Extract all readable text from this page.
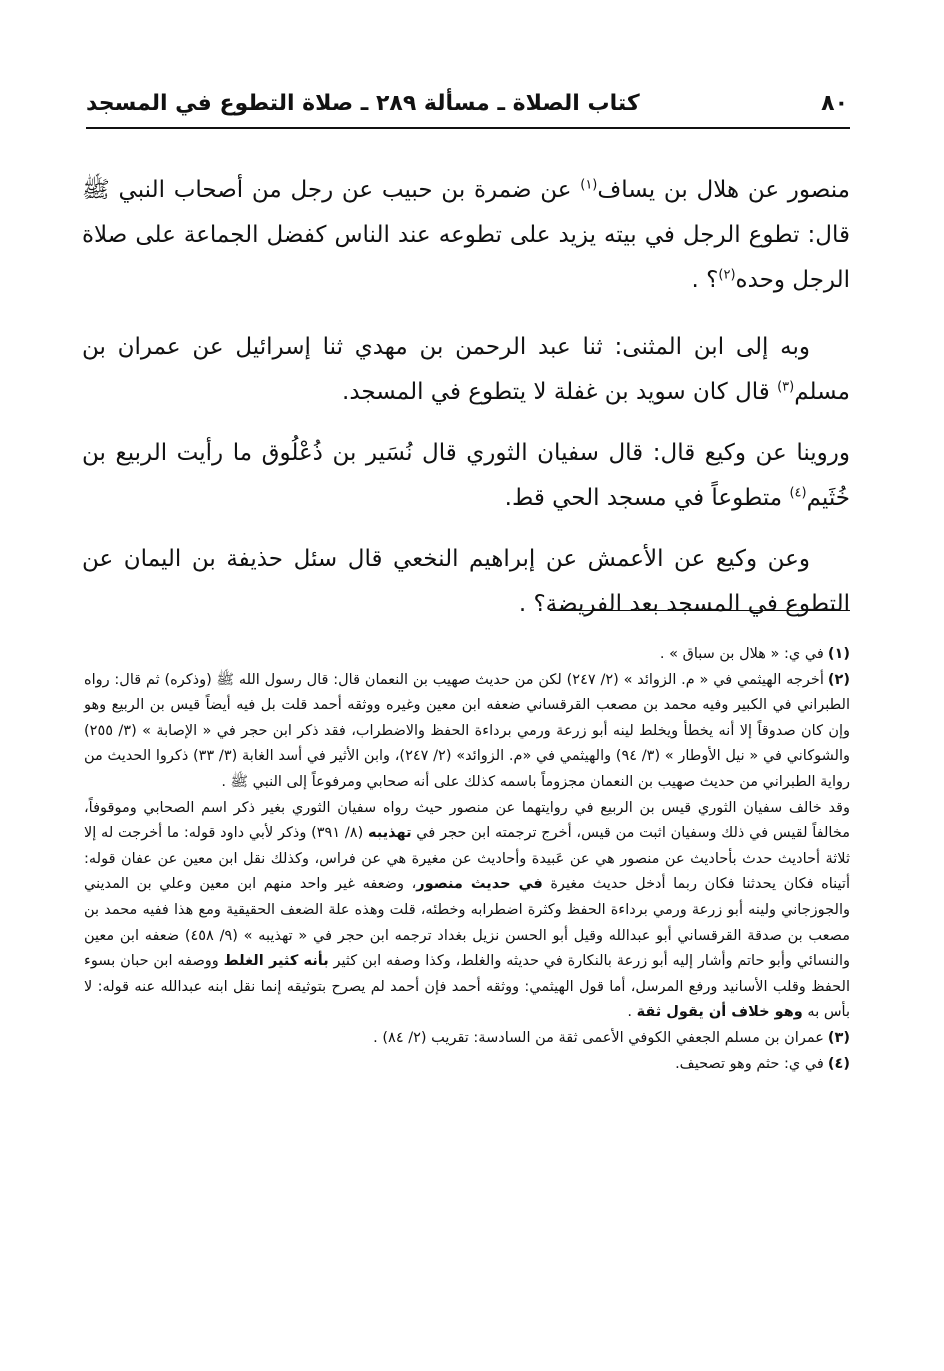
٨٠
كتاب الصلاة ـ مسألة ٢٨٩ ـ صلاة التطوع في المسجد

منصور عن هلال بن يساف$^{(١)}$ عن ضمرة بن حبيب عن رجل من أصحاب النبي ﷺ قال: تطوع الرجل في بيته يزيد على تطوعه عند الناس كفضل الجماعة على صلاة الرجل وحده$^{(٢)}$؟ .

وبه إلى ابن المثنى: ثنا عبد الرحمن بن مهدي ثنا إسرائيل عن عمران بن مسلم$^{(٣)}$ قال كان سويد بن غفلة لا يتطوع في المسجد.

وروينا عن وكيع قال: قال سفيان الثوري قال نُسَير بن ذُعْلُوق ما رأيت الربيع بن خُثَيم$^{(٤)}$ متطوعاً في مسجد الحي قط.

وعن وكيع عن الأعمش عن إبراهيم النخعي قال سئل حذيفة بن اليمان عن التطوع في المسجد بعد الفريضة؟ .

(١)في ي: « هلال بن سباق » .

(٢)أخرجه الهيثمي في « م. الزوائد » (٢/ ٢٤٧) لكن من حديث صهيب بن النعمان قال: قال رسول الله ﷺ (وذكره) ثم قال: رواه الطبراني في الكبير وفيه محمد بن مصعب القرقساني ضعفه ابن معين وغيره ووثقه أحمد قلت بل فيه أيضاً قيس بن الربيع وهو وإن كان صدوقاً إلا أنه يخطأ ويخلط لينه أبو زرعة ورمي برداءة الحفظ والاضطراب، فقد ذكر ابن حجر في « الإصابة » (٣/ ٢٥٥) والشوكاني في « نيل الأوطار » (٣/ ٩٤) والهيثمي في «م. الزوائد» (٢/ ٢٤٧)، وابن الأثير في أسد الغابة (٣/ ٣٣) ذكروا الحديث من رواية الطبراني من حديث صهيب بن النعمان مجزوماً باسمه كذلك على أنه صحابي ومرفوعاً إلى النبي ﷺ .

وقد خالف سفيان الثوري قيس بن الربيع في روايتهما عن منصور حيث رواه سفيان الثوري بغير ذكر اسم الصحابي وموقوفاً، مخالفاً لقيس في ذلك وسفيان اثبت من قيس، أخرج ترجمته ابن حجر في تهذيبه (٨/ ٣٩١) وذكر لأبي داود قوله: ما أخرجت له إلا ثلاثة أحاديث حدث بأحاديث عن منصور هي عن عَبيدة وأحاديث عن مغيرة هي عن فراس، وكذلك نقل ابن معين عن عفان قوله: أتيناه فكان يحدثنا فكان ربما أدخل حديث مغيرة في حديث منصور، وضعفه غير واحد منهم ابن معين وعلي بن المديني والجوزجاني ولينه أبو زرعة ورمي برداءة الحفظ وكثرة اضطرابه وخطئه، قلت وهذه علة الضعف الحقيقية ومع هذا ففيه محمد بن مصعب بن صدقة القرقساني أبو عبدالله وقيل أبو الحسن نزيل بغداد ترجمه ابن حجر في « تهذيبه » (٩/ ٤٥٨) ضعفه ابن معين والنسائي وأبو حاتم وأشار إليه أبو زرعة بالنكارة في حديثه والغلط، وكذا وصفه ابن كثير بأنه كثير الغلط ووصفه ابن حبان بسوء الحفظ وقلب الأسانيد ورفع المرسل، أما قول الهيثمي: ووثقه أحمد فإن أحمد لم يصرح بتوثيقه إنما نقل ابنه عبدالله عنه قوله: لا بأس به وهو خلاف أن يقول ثقة .

(٣)عمران بن مسلم الجعفي الكوفي الأعمى ثقة من السادسة: تقريب (٢/ ٨٤) .

(٤)في ي: حثم وهو تصحيف.
